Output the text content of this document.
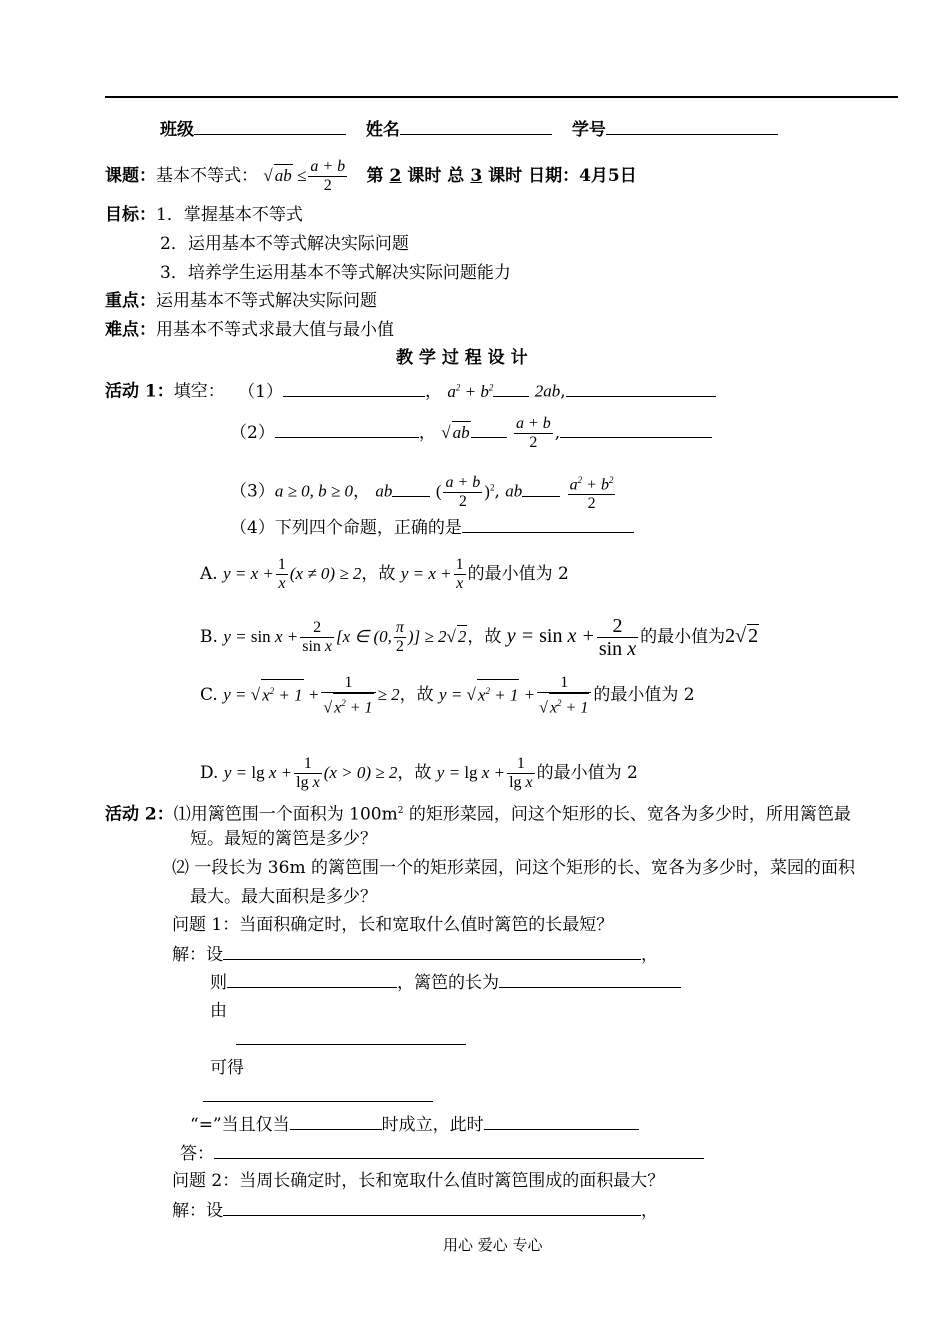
班级	姓名	学号
课题：基本不等式： √ ab ≤ $\frac{a + b}{2}$ 第 2 课时 总 3 课时 日期：4月5日
目标：1．掌握基本不等式
2．运用基本不等式解决实际问题
3．培养学生运用基本不等式解决实际问题能力
重点：运用基本不等式解决实际问题
难点：用基本不等式求最大值与最小值
教 学 过 程 设 计
活动 1：填空： （1）	， $a^2 + b^2$ 2ab,
（2）	， √ ab	$\frac{a + b}{2}$ ,
（3）a ≥ 0, b ≥ 0， ab	( $\frac{a + b}{2} )^2$, ab	$\frac{a^2 + b^2}{2}$
（4）下列四个命题，正确的是
A. $y = x + \frac{1}{x} (x \ne 0) \ge 2$，故 $y = x + \frac{1}{x}$ 的最小值为 2
B. $y = \sin x + \frac{2}{\text{sin x}} [x$ ∈ (0, $\frac{\pi}{2}$ )] ≥ 2√ 2，故 $y = \sin x + \frac{2}{\text{sin x}}$ 的最小值为2√ 2
C. y = √ $x^2 + 1 + \frac{1}{√ x^2 + 1} \ge 2$，故 y = √ $x^2 + 1 + \frac{1}{√ x^2 + 1}$ 的最小值为 2
D. $y = \lg x + \frac{1}{\text{lg x}} (x > 0) \ge 2$，故 $y = \lg x + \frac{1}{\text{lg x}}$ 的最小值为 2
活动 2：⑴用篱笆围一个面积为 $100m^2$ 的矩形菜园，问这个矩形的长、宽各为多少时，所用篱笆最
短。最短的篱笆是多少？
⑵ 一段长为 36m 的篱笆围一个的矩形菜园，问这个矩形的长、宽各为多少时，菜园的面积
最大。最大面积是多少？
问题 1：当面积确定时，长和宽取什么值时篱笆的长最短？
解：设	，
则	，篱笆的长为
由
可得
“=”当且仅当	时成立，此时
答：
问题 2：当周长确定时，长和宽取什么值时篱笆围成的面积最大？
解：设	，
用心 爱心 专心
